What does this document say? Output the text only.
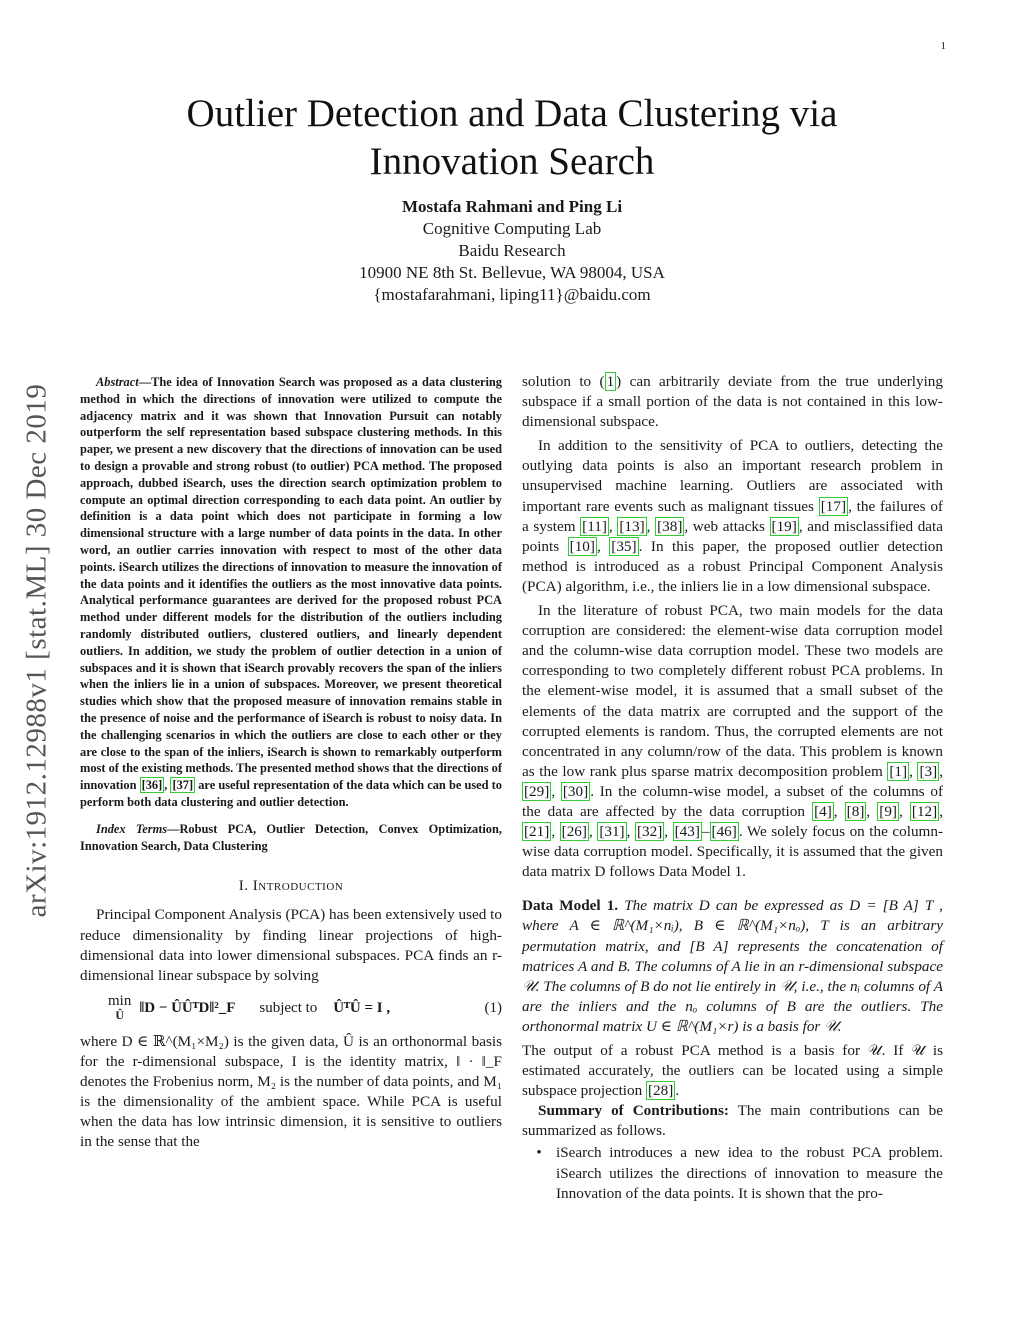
1
arXiv:1912.12988v1 [stat.ML] 30 Dec 2019
Outlier Detection and Data Clustering via
Innovation Search
Mostafa Rahmani and Ping Li
Cognitive Computing Lab
Baidu Research
10900 NE 8th St. Bellevue, WA 98004, USA
{mostafarahmani, liping11}@baidu.com

Abstract—The idea of Innovation Search was proposed as a data clustering method in which the directions of innovation were utilized to compute the adjacency matrix and it was shown that Innovation Pursuit can notably outperform the self representation based subspace clustering methods. In this paper, we present a new discovery that the directions of innovation can be used to design a provable and strong robust (to outlier) PCA method. The proposed approach, dubbed iSearch, uses the direction search optimization problem to compute an optimal direction corresponding to each data point. An outlier by definition is a data point which does not participate in forming a low dimensional structure with a large number of data points in the data. In other word, an outlier carries innovation with respect to most of the other data points. iSearch utilizes the directions of innovation to measure the innovation of the data points and it identifies the outliers as the most innovative data points. Analytical performance guarantees are derived for the proposed robust PCA method under different models for the distribution of the outliers including randomly distributed outliers, clustered outliers, and linearly dependent outliers. In addition, we study the problem of outlier detection in a union of subspaces and it is shown that iSearch provably recovers the span of the inliers when the inliers lie in a union of subspaces. Moreover, we present theoretical studies which show that the proposed measure of innovation remains stable in the presence of noise and the performance of iSearch is robust to noisy data. In the challenging scenarios in which the outliers are close to each other or they are close to the span of the inliers, iSearch is shown to remarkably outperform most of the existing methods. The presented method shows that the directions of innovation [36] , [37] are useful representation of the data which can be used to perform both data clustering and outlier detection.

Index Terms—Robust PCA, Outlier Detection, Convex Optimization, Innovation Search, Data Clustering

I. Introduction

Principal Component Analysis (PCA) has been extensively used to reduce dimensionality by finding linear projections of high-dimensional data into lower dimensional subspaces. PCA finds an r-dimensional linear subspace by solving

min
Û ‖D − ÛÛᵀD‖²_F subject to ÛᵀÛ = I ,	(1)

where D ∈ ℝ^(M₁×M₂) is the given data, Û is an orthonormal basis for the r-dimensional subspace, I is the identity matrix, ‖ · ‖_F denotes the Frobenius norm, M₂ is the number of data points, and M₁ is the dimensionality of the ambient space. While PCA is useful when the data has low intrinsic dimension, it is sensitive to outliers in the sense that the

solution to ( 1 ) can arbitrarily deviate from the true underlying subspace if a small portion of the data is not contained in this low-dimensional subspace.

In addition to the sensitivity of PCA to outliers, detecting the outlying data points is also an important research problem in unsupervised machine learning. Outliers are associated with important rare events such as malignant tissues [17] , the failures of a system [11] , [13] , [38] , web attacks [19] , and misclassified data points [10] , [35] . In this paper, the proposed outlier detection method is introduced as a robust Principal Component Analysis (PCA) algorithm, i.e., the inliers lie in a low dimensional subspace.

In the literature of robust PCA, two main models for the data corruption are considered: the element-wise data corruption model and the column-wise data corruption model. These two models are corresponding to two completely different robust PCA problems. In the element-wise model, it is assumed that a small subset of the elements of the data matrix are corrupted and the support of the corrupted elements is random. Thus, the corrupted elements are not concentrated in any column/row of the data. This problem is known as the low rank plus sparse matrix decomposition problem [1] , [3] , [29] , [30] . In the column-wise model, a subset of the columns of the data are affected by the data corruption [4] , [8] , [9] , [12] , [21] , [26] , [31] , [32] , [43] – [46] . We solely focus on the column-wise data corruption model. Specifically, it is assumed that the given data matrix D follows Data Model 1.

Data Model 1. The matrix D can be expressed as D = [B A] T , where A ∈ ℝ^(M₁×nᵢ), B ∈ ℝ^(M₁×nₒ), T is an arbitrary permutation matrix, and [B A] represents the concatenation of matrices A and B. The columns of A lie in an r-dimensional subspace 𝒰. The columns of B do not lie entirely in 𝒰, i.e., the nᵢ columns of A are the inliers and the nₒ columns of B are the outliers. The orthonormal matrix U ∈ ℝ^(M₁×r) is a basis for 𝒰.

The output of a robust PCA method is a basis for 𝒰. If 𝒰 is estimated accurately, the outliers can be located using a simple subspace projection [28] .

Summary of Contributions: The main contributions can be summarized as follows.

• iSearch introduces a new idea to the robust PCA problem. iSearch utilizes the directions of innovation to measure the Innovation of the data points. It is shown that the pro-
